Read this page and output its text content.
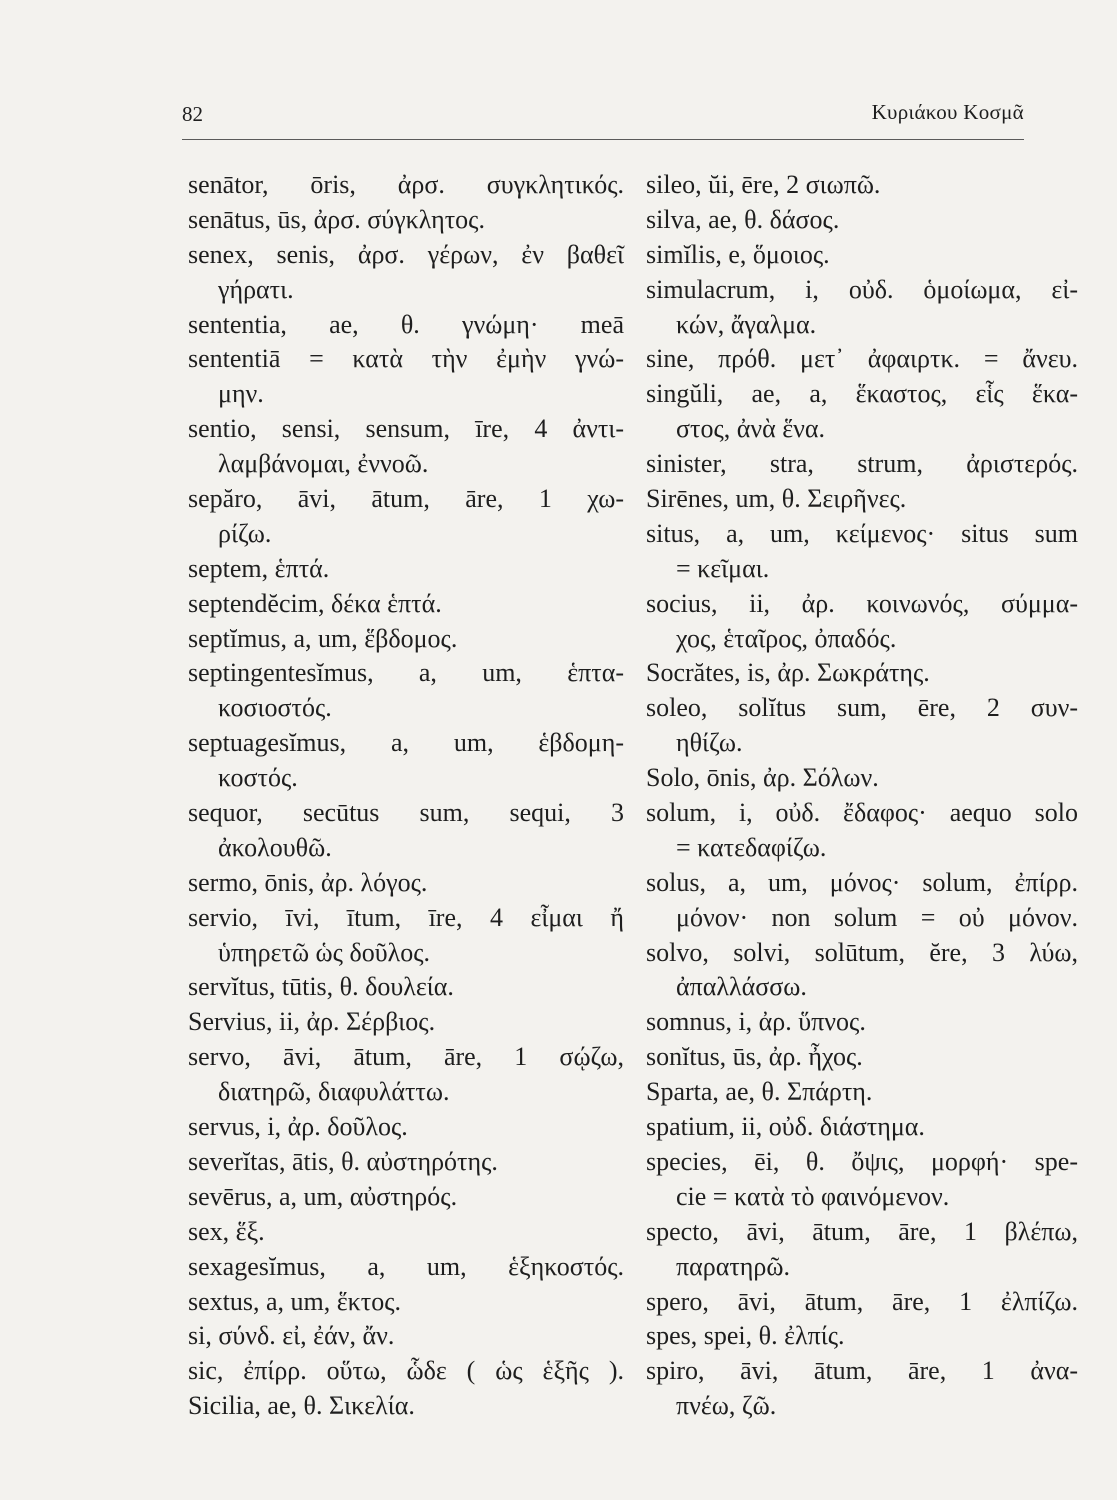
82	Κυριάκου Κοσμᾶ
senātor, ōris, ἀρσ. συγκλητικός.
senātus, ūs, ἀρσ. σύγκλητος.
senex, senis, ἀρσ. γέρων, ἐν βαθεῖ
γήρατι.
sententia, ae, θ. γνώμη· meā
sententiā = κατὰ τὴν ἐμὴν γνώ-
μην.
sentio, sensi, sensum, īre, 4 ἀντι-
λαμβάνομαι, ἐννοῶ.
sepăro, āvi, ātum, āre, 1 χω-
ρίζω.
septem, ἑπτά.
septendĕcim, δέκα ἑπτά.
septĭmus, a, um, ἕβδομος.
septingentesĭmus, a, um, ἑπτα-
κοσιοστός.
septuagesĭmus, a, um, ἑβδομη-
κοστός.
sequor, secūtus sum, sequi, 3
ἀκολουθῶ.
sermo, ōnis, ἀρ. λόγος.
servio, īvi, ītum, īre, 4 εἶμαι ἤ
ὑπηρετῶ ὡς δοῦλος.
servĭtus, tūtis, θ. δουλεία.
Servius, ii, ἀρ. Σέρβιος.
servo, āvi, ātum, āre, 1 σῴζω,
διατηρῶ, διαφυλάττω.
servus, i, ἀρ. δοῦλος.
severĭtas, ātis, θ. αὐστηρότης.
sevērus, a, um, αὐστηρός.
sex, ἕξ.
sexagesĭmus, a, um, ἑξηκοστός.
sextus, a, um, ἕκτος.
si, σύνδ. εἰ, ἐάν, ἄν.
sic, ἐπίρρ. οὕτω, ὧδε ( ὡς ἑξῆς ).
Sicilia, ae, θ. Σικελία.
sileo, ŭi, ēre, 2 σιωπῶ.
silva, ae, θ. δάσος.
simĭlis, e, ὅμοιος.
simulacrum, i, οὐδ. ὁμοίωμα, εἰ-
κών, ἄγαλμα.
sine, πρόθ. μετ᾽ ἀφαιρτκ. = ἄνευ.
singŭli, ae, a, ἕκαστος, εἷς ἕκα-
στος, ἀνὰ ἕνα.
sinister, stra, strum, ἀριστερός.
Sirēnes, um, θ. Σειρῆνες.
situs, a, um, κείμενος· situs sum
= κεῖμαι.
socius, ii, ἀρ. κοινωνός, σύμμα-
χος, ἑταῖρος, ὀπαδός.
Socrătes, is, ἀρ. Σωκράτης.
soleo, solĭtus sum, ēre, 2 συν-
ηθίζω.
Solo, ōnis, ἀρ. Σόλων.
solum, i, οὐδ. ἔδαφος· aequo solo
= κατεδαφίζω.
solus, a, um, μόνος· solum, ἐπίρρ.
μόνον· non solum = οὐ μόνον.
solvo, solvi, solūtum, ĕre, 3 λύω,
ἀπαλλάσσω.
somnus, i, ἀρ. ὕπνος.
sonĭtus, ūs, ἀρ. ἦχος.
Sparta, ae, θ. Σπάρτη.
spatium, ii, οὐδ. διάστημα.
species, ēi, θ. ὄψις, μορφή· spe-
cie = κατὰ τὸ φαινόμενον.
specto, āvi, ātum, āre, 1 βλέπω,
παρατηρῶ.
spero, āvi, ātum, āre, 1 ἐλπίζω.
spes, spei, θ. ἐλπίς.
spiro, āvi, ātum, āre, 1 ἀνα-
πνέω, ζῶ.
